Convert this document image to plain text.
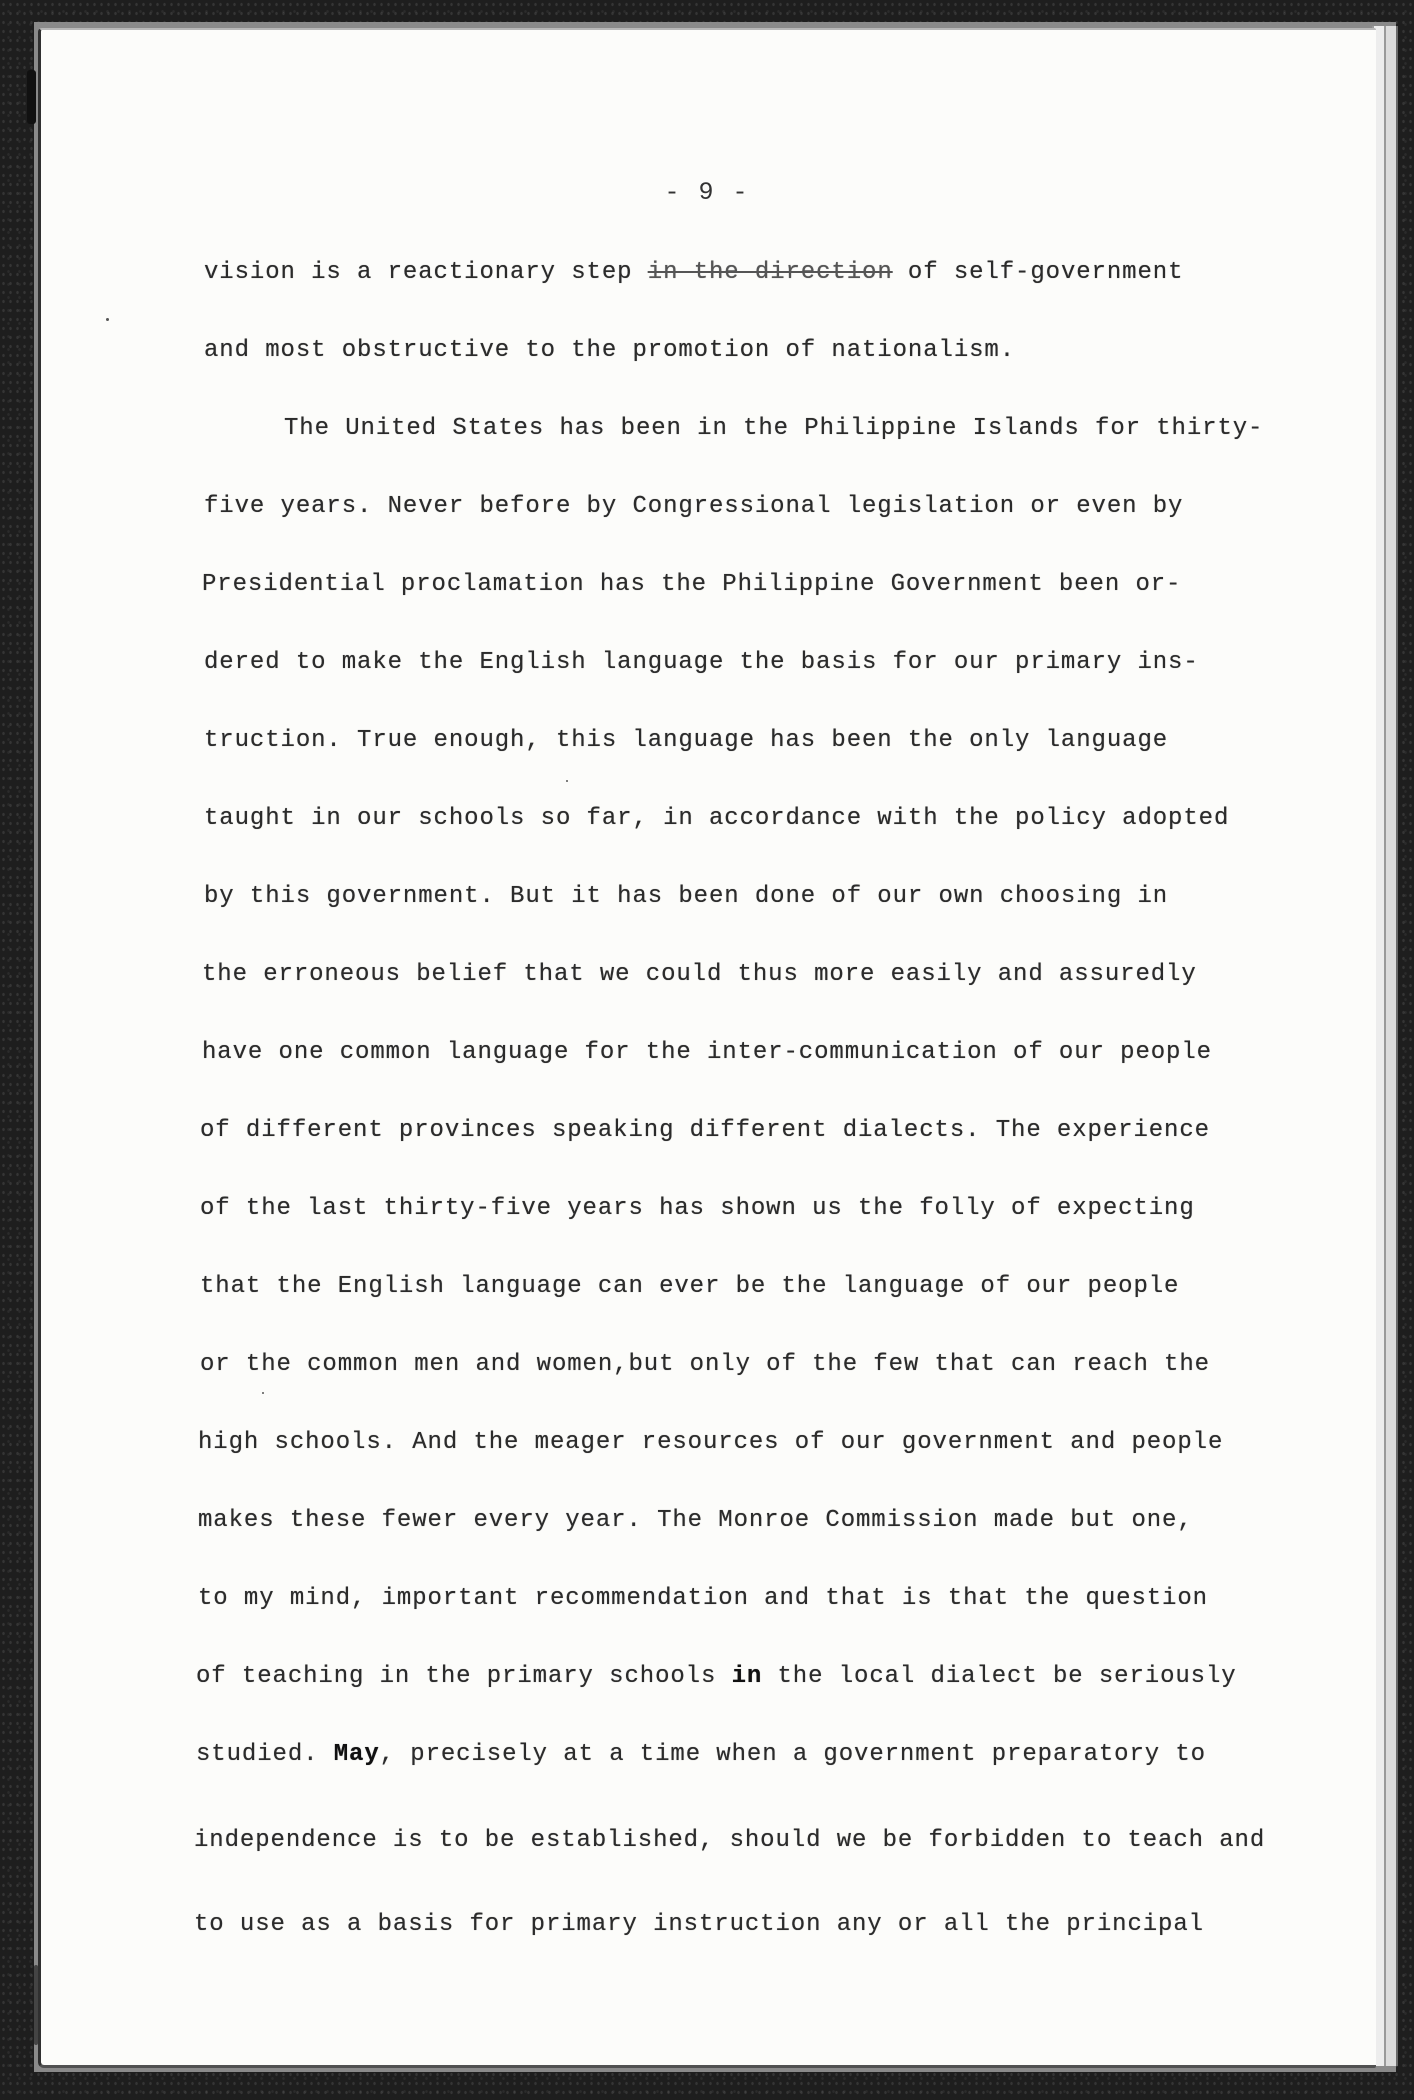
- 9 -
vision is a reactionary step in the direction of self-government
and most obstructive to the promotion of nationalism.
The United States has been in the Philippine Islands for thirty-
five years. Never before by Congressional legislation or even by
Presidential proclamation has the Philippine Government been or-
dered to make the English language the basis for our primary ins-
truction. True enough, this language has been the only language
taught in our schools so far, in accordance with the policy adopted
by this government. But it has been done of our own choosing in
the erroneous belief that we could thus more easily and assuredly
have one common language for the inter-communication of our people
of different provinces speaking different dialects. The experience
of the last thirty-five years has shown us the folly of expecting
that the English language can ever be the language of our people
or the common men and women,but only of the few that can reach the
high schools. And the meager resources of our government and people
makes these fewer every year. The Monroe Commission made but one,
to my mind, important recommendation and that is that the question
of teaching in the primary schools in the local dialect be seriously
studied. May, precisely at a time when a government preparatory to
independence is to be established, should we be forbidden to teach and
to use as a basis for primary instruction any or all the principal
